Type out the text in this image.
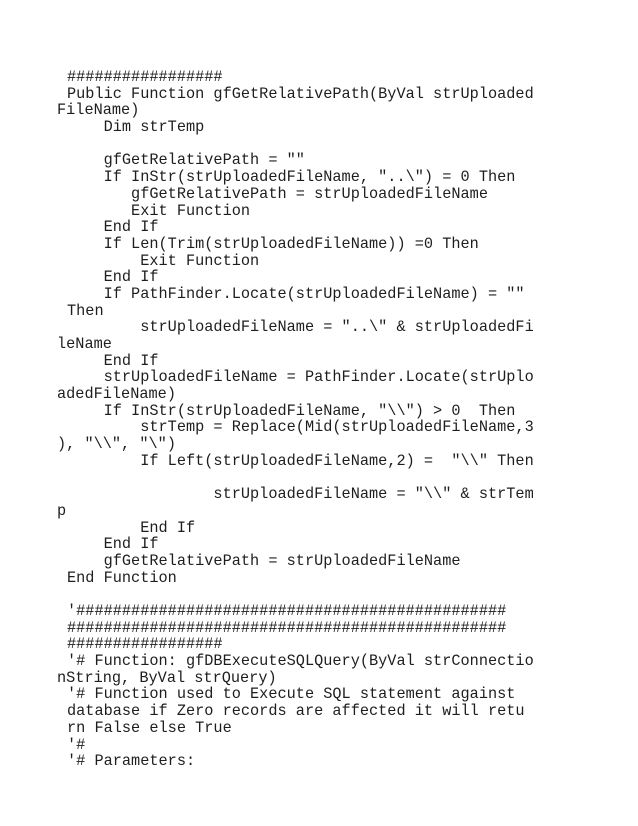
#################
Public Function gfGetRelativePath(ByVal strUploaded
FileName)
Dim strTemp
gfGetRelativePath = ""
If InStr(strUploadedFileName, "..\") = 0 Then
gfGetRelativePath = strUploadedFileName
Exit Function
End If
If Len(Trim(strUploadedFileName)) =0 Then
Exit Function
End If
If PathFinder.Locate(strUploadedFileName) = ""
Then
strUploadedFileName = "..\" & strUploadedFi
leName
End If
strUploadedFileName = PathFinder.Locate(strUplo
adedFileName)
If InStr(strUploadedFileName, "\\") > 0  Then
strTemp = Replace(Mid(strUploadedFileName,3
), "\\", "\")
If Left(strUploadedFileName,2) =  "\\" Then
strUploadedFileName = "\\" & strTem
p
End If
End If
gfGetRelativePath = strUploadedFileName
End Function
'###############################################
################################################
#################
'# Function: gfDBExecuteSQLQuery(ByVal strConnectio
nString, ByVal strQuery)
'# Function used to Execute SQL statement against
database if Zero records are affected it will retu
rn False else True
'#
'# Parameters:
